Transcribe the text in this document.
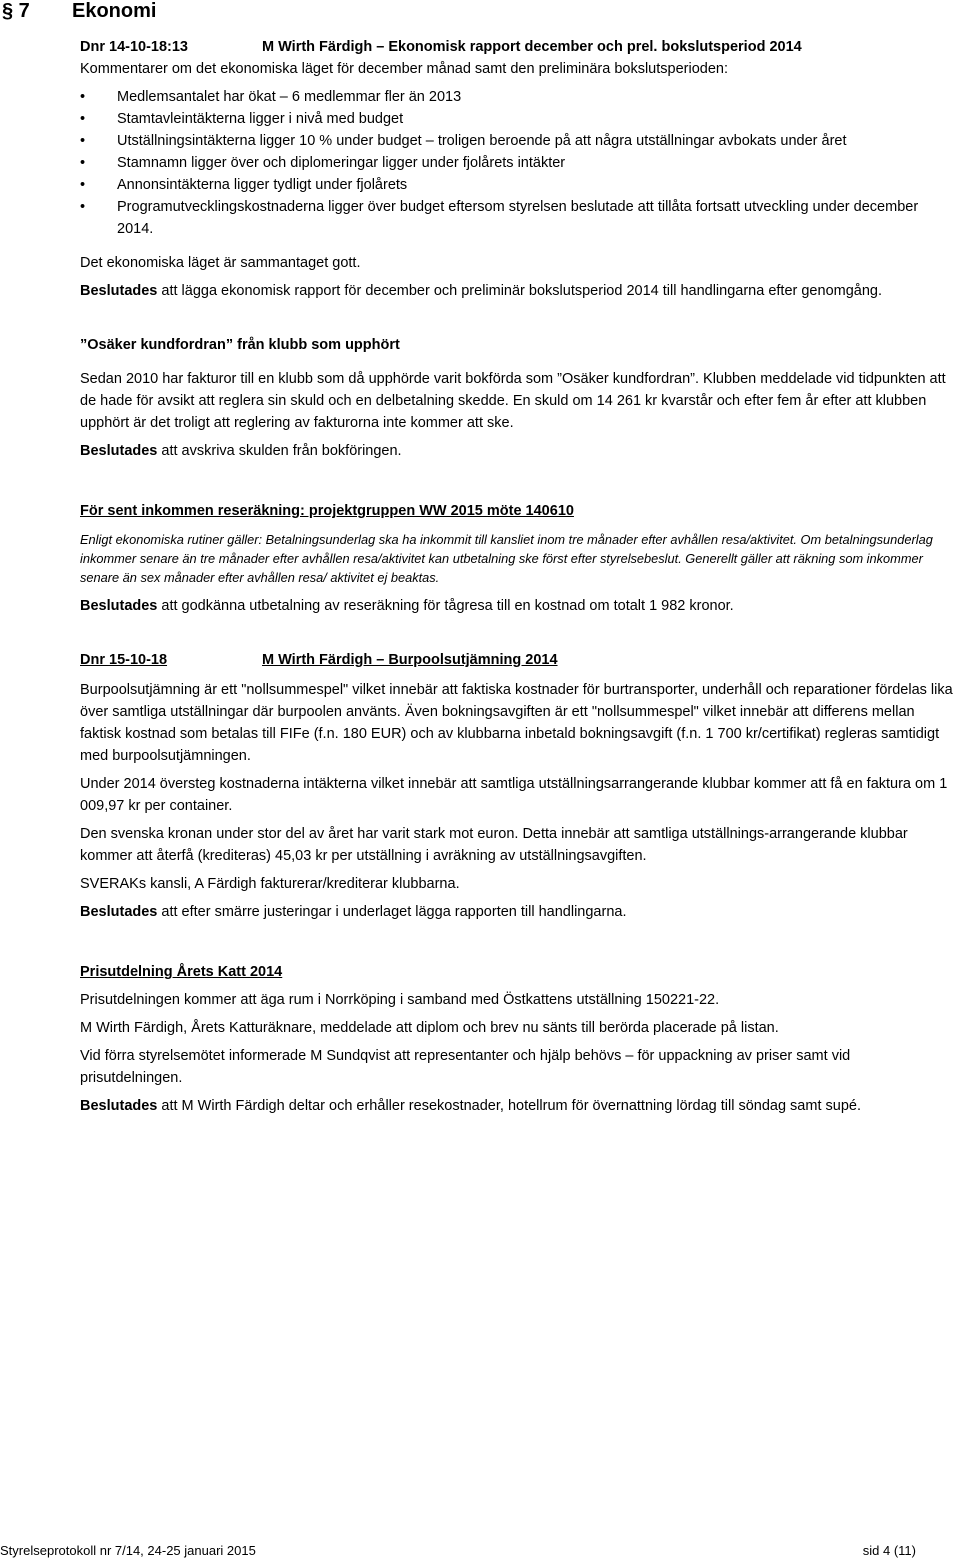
§ 7	Ekonomi
Dnr 14-10-18:13	M Wirth Färdigh – Ekonomisk rapport december och prel. bokslutsperiod 2014

Kommentarer om det ekonomiska läget för december månad samt den preliminära bokslutsperioden:

• Medlemsantalet har ökat – 6 medlemmar fler än 2013
• Stamtavleintäkterna ligger i nivå med budget
• Utställningsintäkterna ligger 10 % under budget – troligen beroende på att några utställningar avbokats under året
• Stamnamn ligger över och diplomeringar ligger under fjolårets intäkter
• Annonsintäkterna ligger tydligt under fjolårets
• Programutvecklingskostnaderna ligger över budget eftersom styrelsen beslutade att tillåta fortsatt utveckling under december 2014.

Det ekonomiska läget är sammantaget gott.

Beslutades att lägga ekonomisk rapport för december och preliminär bokslutsperiod 2014 till handlingarna efter genomgång.

”Osäker kundfordran” från klubb som upphört

Sedan 2010 har fakturor till en klubb som då upphörde varit bokförda som ”Osäker kundfordran”. Klubben meddelade vid tidpunkten att de hade för avsikt att reglera sin skuld och en delbetalning skedde. En skuld om 14 261 kr kvarstår och efter fem år efter att klubben upphört är det troligt att reglering av fakturorna inte kommer att ske.

Beslutades att avskriva skulden från bokföringen.

För sent inkommen reseräkning: projektgruppen WW 2015 möte 140610

Enligt ekonomiska rutiner gäller: Betalningsunderlag ska ha inkommit till kansliet inom tre månader efter avhållen resa/aktivitet. Om betalningsunderlag inkommer senare än tre månader efter avhållen resa/aktivitet kan utbetalning ske först efter styrelsebeslut. Generellt gäller att räkning som inkommer senare än sex månader efter avhållen resa/ aktivitet ej beaktas.

Beslutades att godkänna utbetalning av reseräkning för tågresa till en kostnad om totalt 1 982 kronor.

Dnr 15-10-18	M Wirth Färdigh – Burpoolsutjämning 2014

Burpoolsutjämning är ett "nollsummespel" vilket innebär att faktiska kostnader för burtransporter, underhåll och reparationer fördelas lika över samtliga utställningar där burpoolen använts. Även bokningsavgiften är ett "nollsummespel" vilket innebär att differens mellan faktisk kostnad som betalas till FIFe (f.n. 180 EUR) och av klubbarna inbetald bokningsavgift (f.n. 1 700 kr/certifikat) regleras samtidigt med burpoolsutjämningen.

Under 2014 översteg kostnaderna intäkterna vilket innebär att samtliga utställningsarrangerande klubbar kommer att få en faktura om 1 009,97 kr per container.

Den svenska kronan under stor del av året har varit stark mot euron. Detta innebär att samtliga utställnings-arrangerande klubbar kommer att återfå (krediteras) 45,03 kr per utställning i avräkning av utställningsavgiften.

SVERAKs kansli, A Färdigh fakturerar/krediterar klubbarna.

Beslutades att efter smärre justeringar i underlaget lägga rapporten till handlingarna.

Prisutdelning Årets Katt 2014

Prisutdelningen kommer att äga rum i Norrköping i samband med Östkattens utställning 150221-22.

M Wirth Färdigh, Årets Katturäknare, meddelade att diplom och brev nu sänts till berörda placerade på listan.

Vid förra styrelsemötet informerade M Sundqvist att representanter och hjälp behövs – för uppackning av priser samt vid prisutdelningen.

Beslutades att M Wirth Färdigh deltar och erhåller resekostnader, hotellrum för övernattning lördag till söndag samt supé.

Styrelseprotokoll nr 7/14, 24-25 januari 2015	sid 4 (11)
